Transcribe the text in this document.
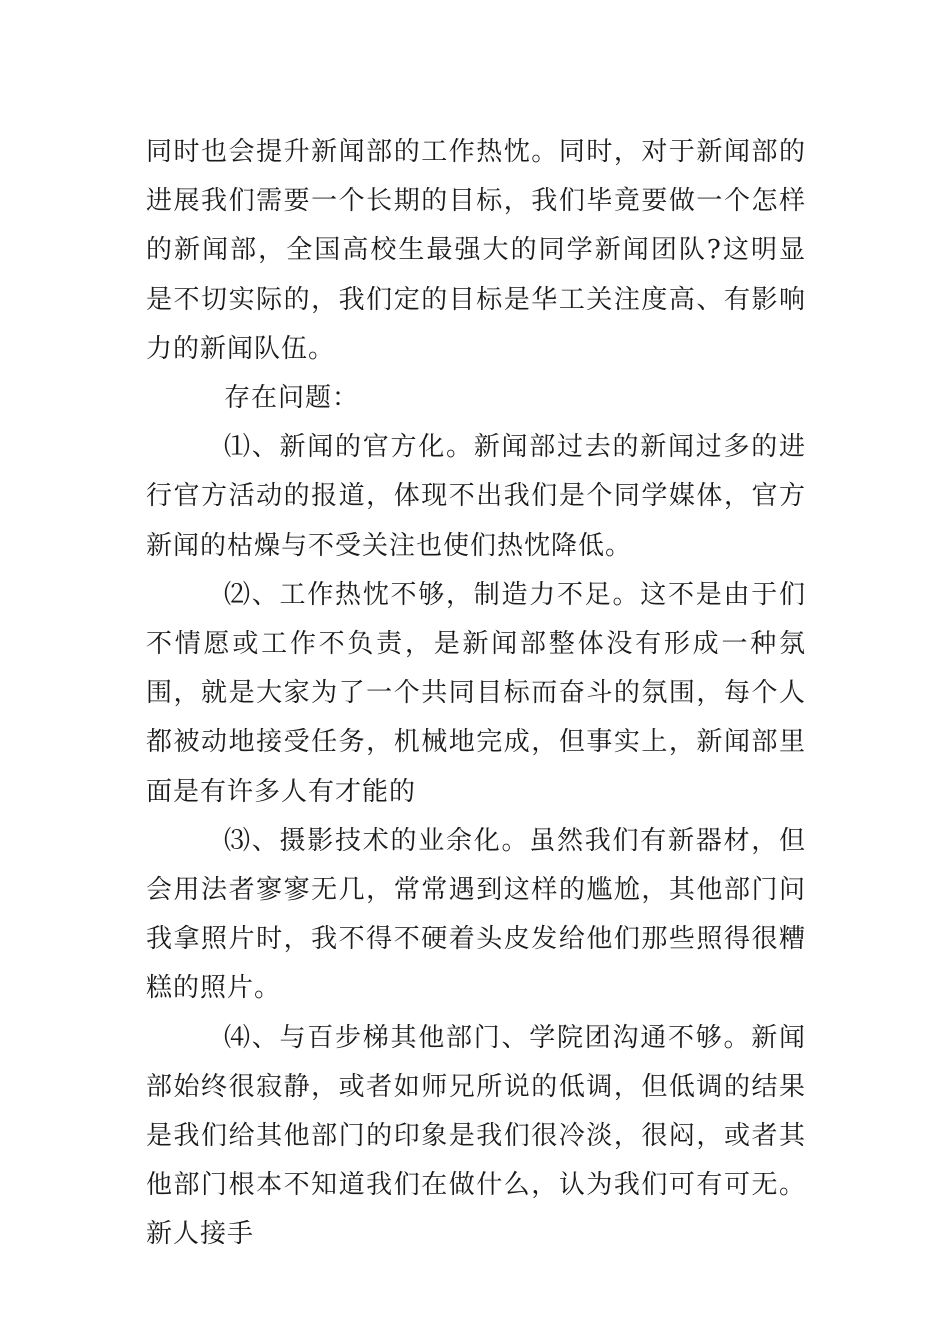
同时也会提升新闻部的工作热忱。同时，对于新闻部的进展我们需要一个长期的目标，我们毕竟要做一个怎样的新闻部，全国高校生最强大的同学新闻团队?这明显是不切实际的，我们定的目标是华工关注度高、有影响力的新闻队伍。

存在问题：

⑴、新闻的官方化。新闻部过去的新闻过多的进行官方活动的报道，体现不出我们是个同学媒体，官方新闻的枯燥与不受关注也使们热忱降低。

⑵、工作热忱不够，制造力不足。这不是由于们不情愿或工作不负责，是新闻部整体没有形成一种氛围，就是大家为了一个共同目标而奋斗的氛围，每个人都被动地接受任务，机械地完成，但事实上，新闻部里面是有许多人有才能的

⑶、摄影技术的业余化。虽然我们有新器材，但会用法者寥寥无几，常常遇到这样的尴尬，其他部门问我拿照片时，我不得不硬着头皮发给他们那些照得很糟糕的照片。

⑷、与百步梯其他部门、学院团沟通不够。新闻部始终很寂静，或者如师兄所说的低调，但低调的结果是我们给其他部门的印象是我们很冷淡，很闷，或者其他部门根本不知道我们在做什么，认为我们可有可无。新人接手
